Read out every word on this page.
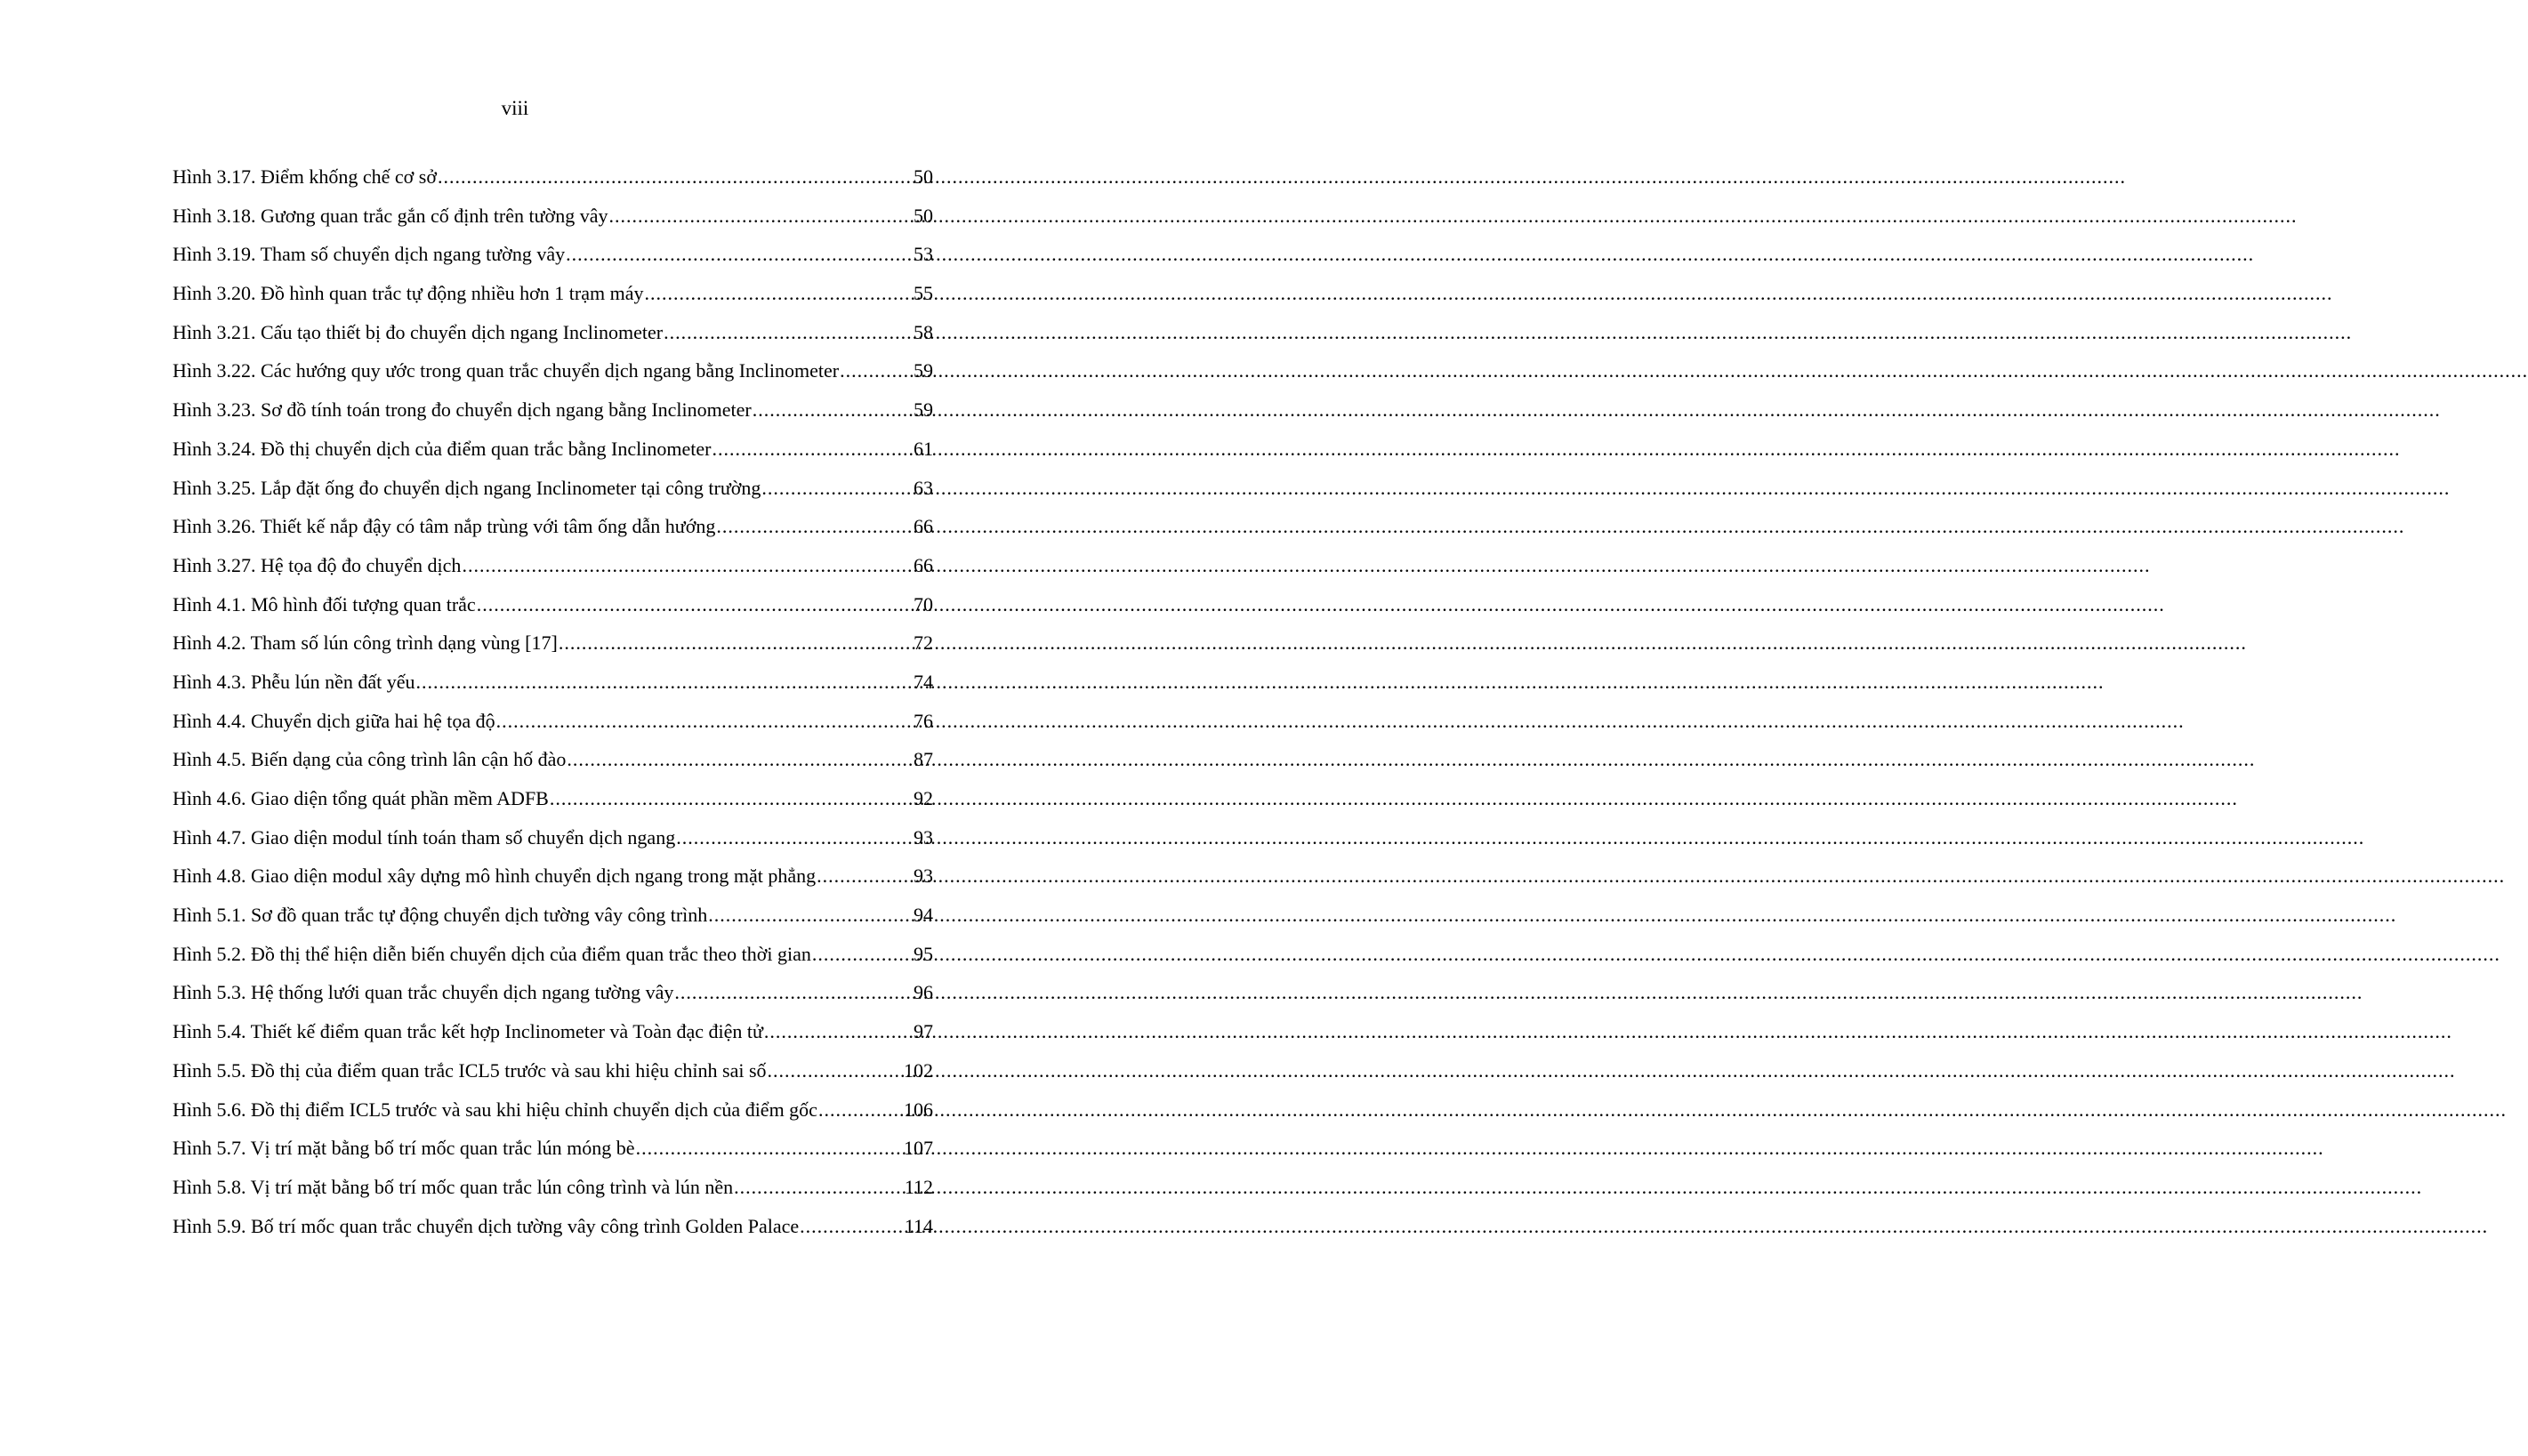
viii
Hình 3.17. Điểm khống chế cơ sở .....	50
Hình 3.18. Gương quan trắc gắn cố định trên tường vây .....	50
Hình 3.19. Tham số chuyển dịch ngang tường vây .....	53
Hình 3.20. Đồ hình quan trắc tự động nhiều hơn 1 trạm máy .....	55
Hình 3.21. Cấu tạo thiết bị đo chuyển dịch ngang Inclinometer .....	58
Hình 3.22. Các hướng quy ước trong quan trắc chuyển dịch ngang bằng Inclinometer .....	59
Hình 3.23. Sơ đồ tính toán trong đo chuyển dịch ngang bằng Inclinometer .....	59
Hình 3.24. Đồ thị chuyển dịch của điểm quan trắc bằng Inclinometer .....	61
Hình 3.25. Lắp đặt ống đo chuyển dịch ngang Inclinometer tại công trường .....	63
Hình 3.26. Thiết kế nắp đậy có tâm nắp trùng với tâm ống dẫn hướng .....	66
Hình 3.27. Hệ tọa độ đo chuyển dịch .....	66
Hình 4.1. Mô hình đối tượng quan trắc .....	70
Hình 4.2. Tham số lún công trình dạng vùng [17] .....	72
Hình 4.3. Phễu lún nền đất yếu .....	74
Hình 4.4. Chuyển dịch giữa hai hệ tọa độ .....	76
Hình 4.5. Biến dạng của công trình lân cận hố đào .....	87
Hình 4.6. Giao diện tổng quát phần mềm ADFB .....	92
Hình 4.7. Giao diện modul tính toán tham số chuyển dịch ngang .....	93
Hình 4.8. Giao diện modul xây dựng mô hình chuyển dịch ngang trong mặt phẳng .....	93
Hình 5.1. Sơ đồ quan trắc tự động chuyển dịch tường vây công trình .....	94
Hình 5.2. Đồ thị thể hiện diễn biến chuyển dịch của điểm quan trắc theo thời gian .....	95
Hình 5.3. Hệ thống lưới quan trắc chuyển dịch ngang tường vây .....	96
Hình 5.4. Thiết kế điểm quan trắc kết hợp Inclinometer và Toàn đạc điện tử .....	97
Hình 5.5. Đồ thị của điểm quan trắc ICL5 trước và sau khi hiệu chỉnh sai số .....	102
Hình 5.6. Đồ thị điểm ICL5 trước và sau khi hiệu chỉnh chuyển dịch của điểm gốc .....	106
Hình 5.7. Vị trí mặt bằng bố trí mốc quan trắc lún móng bè .....	107
Hình 5.8. Vị trí mặt bằng bố trí mốc quan trắc lún công trình và lún nền .....	112
Hình 5.9. Bố trí mốc quan trắc chuyển dịch tường vây công trình Golden Palace .....	114
